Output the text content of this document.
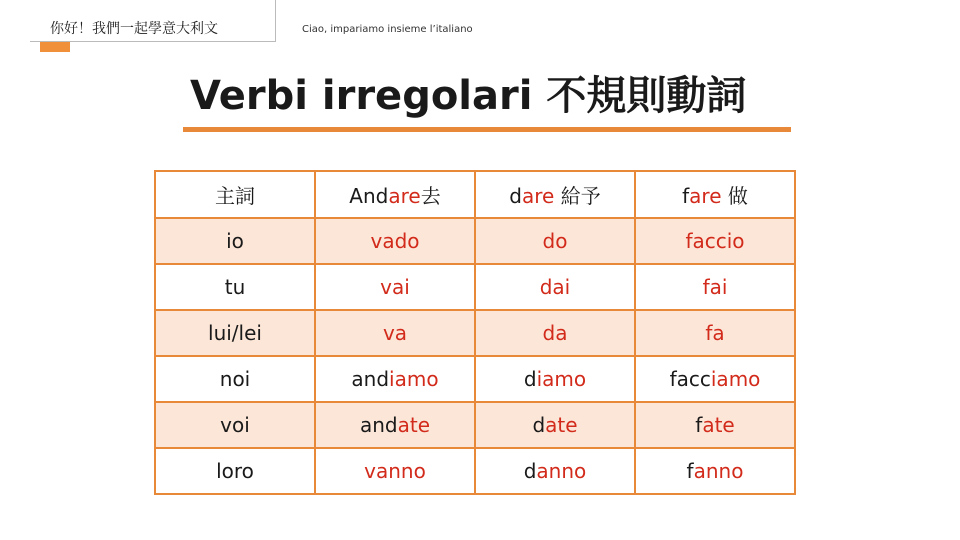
你好！我們一起學意大利文	Ciao, impariamo insieme l’italiano
Verbi irregolari 不規則動詞
主詞	Andare去	dare 給予	fare 做
io	vado	do	faccio
tu	vai	dai	fai
lui/lei	va	da	fa
noi	andiamo	diamo	facciamo
voi	andate	date	fate
loro	vanno	danno	fanno
